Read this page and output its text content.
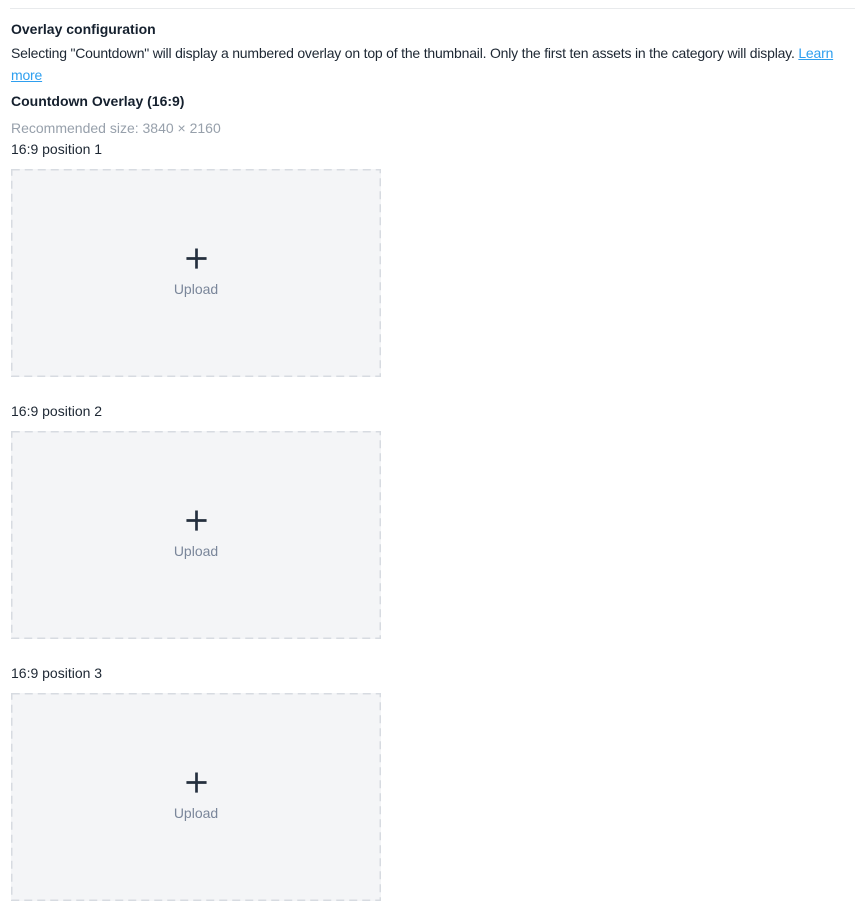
Overlay configuration
Selecting "Countdown" will display a numbered overlay on top of the thumbnail. Only the first ten assets in the category will display. Learn more
Countdown Overlay (16:9)
Recommended size: 3840 × 2160
16:9 position 1
Upload
16:9 position 2
Upload
16:9 position 3
Upload
